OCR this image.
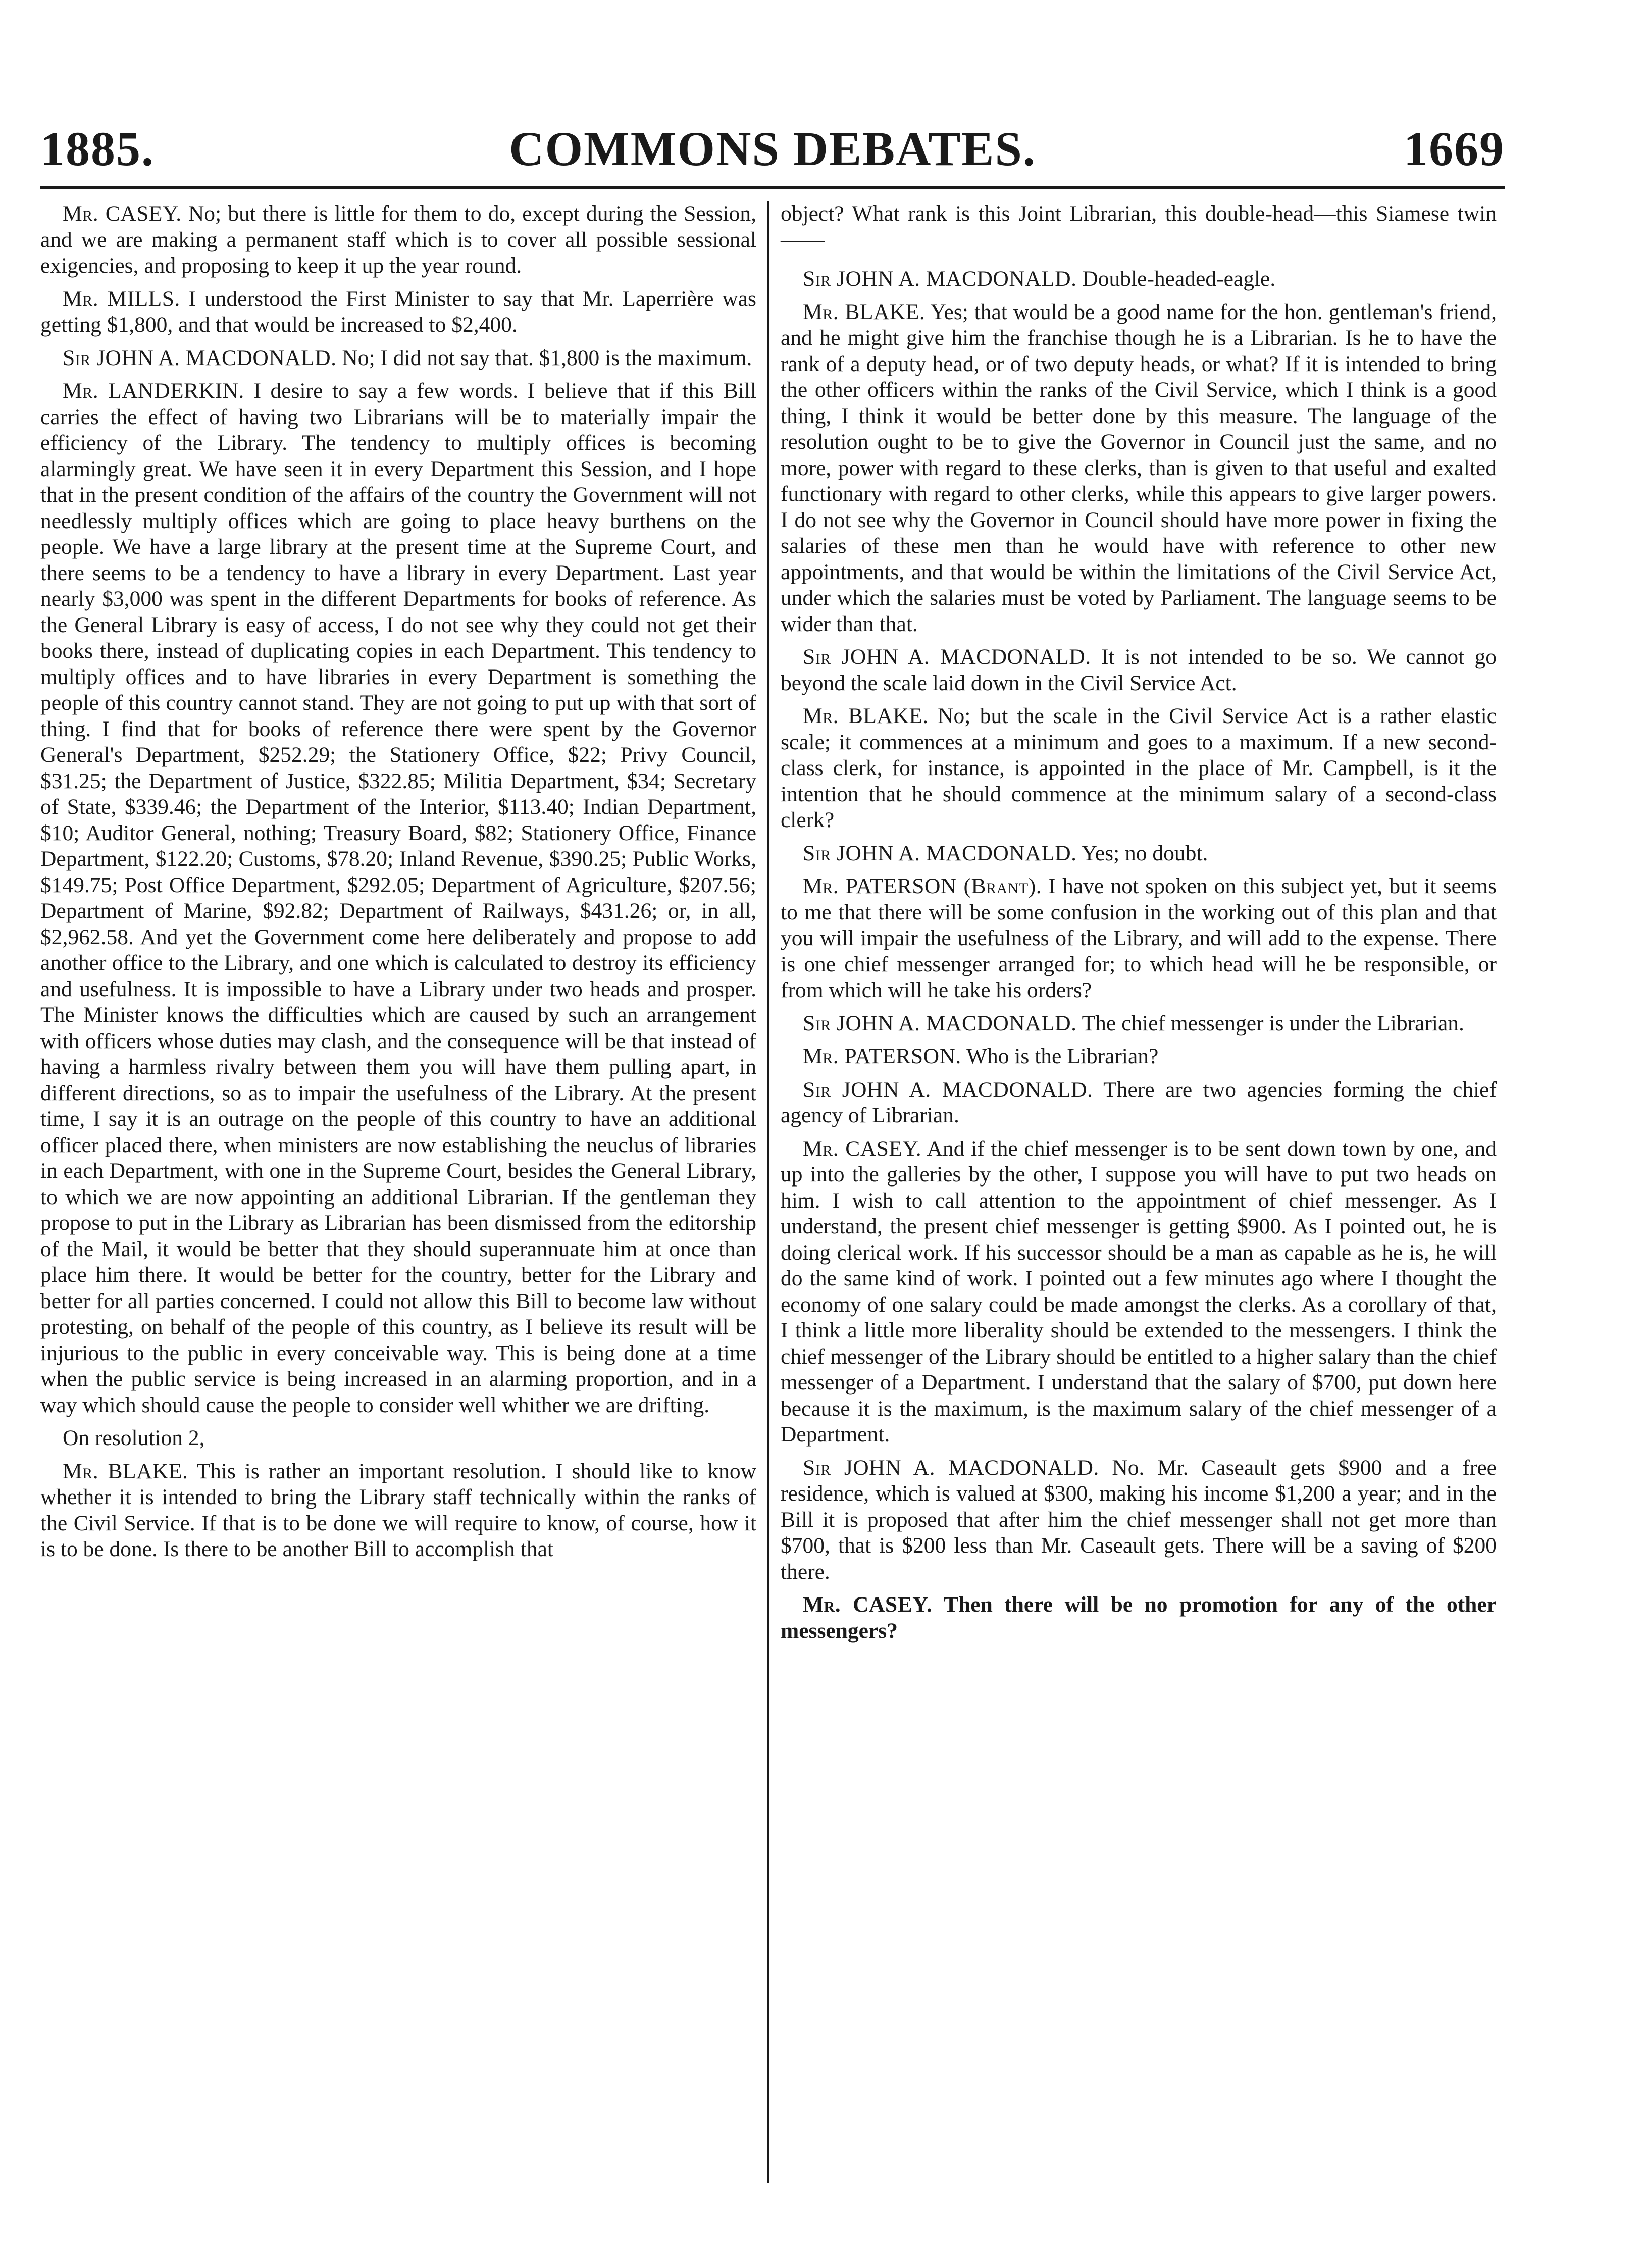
1885.	COMMONS DEBATES.	1669

Mr. CASEY. No; but there is little for them to do, except during the Session, and we are making a permanent staff which is to cover all possible sessional exigencies, and proposing to keep it up the year round.

Mr. MILLS. I understood the First Minister to say that Mr. Laperrière was getting $1,800, and that would be increased to $2,400.

Sir JOHN A. MACDONALD. No; I did not say that. $1,800 is the maximum.

Mr. LANDERKIN. I desire to say a few words. I believe that if this Bill carries the effect of having two Librarians will be to materially impair the efficiency of the Library. The tendency to multiply offices is becoming alarmingly great. We have seen it in every Department this Session, and I hope that in the present condition of the affairs of the country the Government will not needlessly multiply offices which are going to place heavy burthens on the people. We have a large library at the present time at the Supreme Court, and there seems to be a tendency to have a library in every Department. Last year nearly $3,000 was spent in the different Departments for books of reference. As the General Library is easy of access, I do not see why they could not get their books there, instead of duplicating copies in each Department. This tendency to multiply offices and to have libraries in every Department is something the people of this country cannot stand. They are not going to put up with that sort of thing. I find that for books of reference there were spent by the Governor General's Department, $252.29; the Stationery Office, $22; Privy Council, $31.25; the Department of Justice, $322.85; Militia Department, $34; Secretary of State, $339.46; the Department of the Interior, $113.40; Indian Department, $10; Auditor General, nothing; Treasury Board, $82; Stationery Office, Finance Department, $122.20; Customs, $78.20; Inland Revenue, $390.25; Public Works, $149.75; Post Office Department, $292.05; Department of Agriculture, $207.56; Department of Marine, $92.82; Department of Railways, $431.26; or, in all, $2,962.58. And yet the Government come here deliberately and propose to add another office to the Library, and one which is calculated to destroy its efficiency and usefulness. It is impossible to have a Library under two heads and prosper. The Minister knows the difficulties which are caused by such an arrangement with officers whose duties may clash, and the consequence will be that instead of having a harmless rivalry between them you will have them pulling apart, in different directions, so as to impair the usefulness of the Library. At the present time, I say it is an outrage on the people of this country to have an additional officer placed there, when ministers are now establishing the neuclus of libraries in each Department, with one in the Supreme Court, besides the General Library, to which we are now appointing an additional Librarian. If the gentleman they propose to put in the Library as Librarian has been dismissed from the editorship of the Mail, it would be better that they should superannuate him at once than place him there. It would be better for the country, better for the Library and better for all parties concerned. I could not allow this Bill to become law without protesting, on behalf of the people of this country, as I believe its result will be injurious to the public in every conceivable way. This is being done at a time when the public service is being increased in an alarming proportion, and in a way which should cause the people to consider well whither we are drifting.

On resolution 2,

Mr. BLAKE. This is rather an important resolution. I should like to know whether it is intended to bring the Library staff technically within the ranks of the Civil Service. If that is to be done we will require to know, of course, how it is to be done. Is there to be another Bill to accomplish that

object? What rank is this Joint Librarian, this double-head—this Siamese twin——

Sir JOHN A. MACDONALD. Double-headed-eagle.

Mr. BLAKE. Yes; that would be a good name for the hon. gentleman's friend, and he might give him the franchise though he is a Librarian. Is he to have the rank of a deputy head, or of two deputy heads, or what? If it is intended to bring the other officers within the ranks of the Civil Service, which I think is a good thing, I think it would be better done by this measure. The language of the resolution ought to be to give the Governor in Council just the same, and no more, power with regard to these clerks, than is given to that useful and exalted functionary with regard to other clerks, while this appears to give larger powers. I do not see why the Governor in Council should have more power in fixing the salaries of these men than he would have with reference to other new appointments, and that would be within the limitations of the Civil Service Act, under which the salaries must be voted by Parliament. The language seems to be wider than that.

Sir JOHN A. MACDONALD. It is not intended to be so. We cannot go beyond the scale laid down in the Civil Service Act.

Mr. BLAKE. No; but the scale in the Civil Service Act is a rather elastic scale; it commences at a minimum and goes to a maximum. If a new second-class clerk, for instance, is appointed in the place of Mr. Campbell, is it the intention that he should commence at the minimum salary of a second-class clerk?

Sir JOHN A. MACDONALD. Yes; no doubt.

Mr. PATERSON (Brant). I have not spoken on this subject yet, but it seems to me that there will be some confusion in the working out of this plan and that you will impair the usefulness of the Library, and will add to the expense. There is one chief messenger arranged for; to which head will he be responsible, or from which will he take his orders?

Sir JOHN A. MACDONALD. The chief messenger is under the Librarian.

Mr. PATERSON. Who is the Librarian?

Sir JOHN A. MACDONALD. There are two agencies forming the chief agency of Librarian.

Mr. CASEY. And if the chief messenger is to be sent down town by one, and up into the galleries by the other, I suppose you will have to put two heads on him. I wish to call attention to the appointment of chief messenger. As I understand, the present chief messenger is getting $900. As I pointed out, he is doing clerical work. If his successor should be a man as capable as he is, he will do the same kind of work. I pointed out a few minutes ago where I thought the economy of one salary could be made amongst the clerks. As a corollary of that, I think a little more liberality should be extended to the messengers. I think the chief messenger of the Library should be entitled to a higher salary than the chief messenger of a Department. I understand that the salary of $700, put down here because it is the maximum, is the maximum salary of the chief messenger of a Department.

Sir JOHN A. MACDONALD. No. Mr. Caseault gets $900 and a free residence, which is valued at $300, making his income $1,200 a year; and in the Bill it is proposed that after him the chief messenger shall not get more than $700, that is $200 less than Mr. Caseault gets. There will be a saving of $200 there.

Mr. CASEY. Then there will be no promotion for any of the other messengers?
